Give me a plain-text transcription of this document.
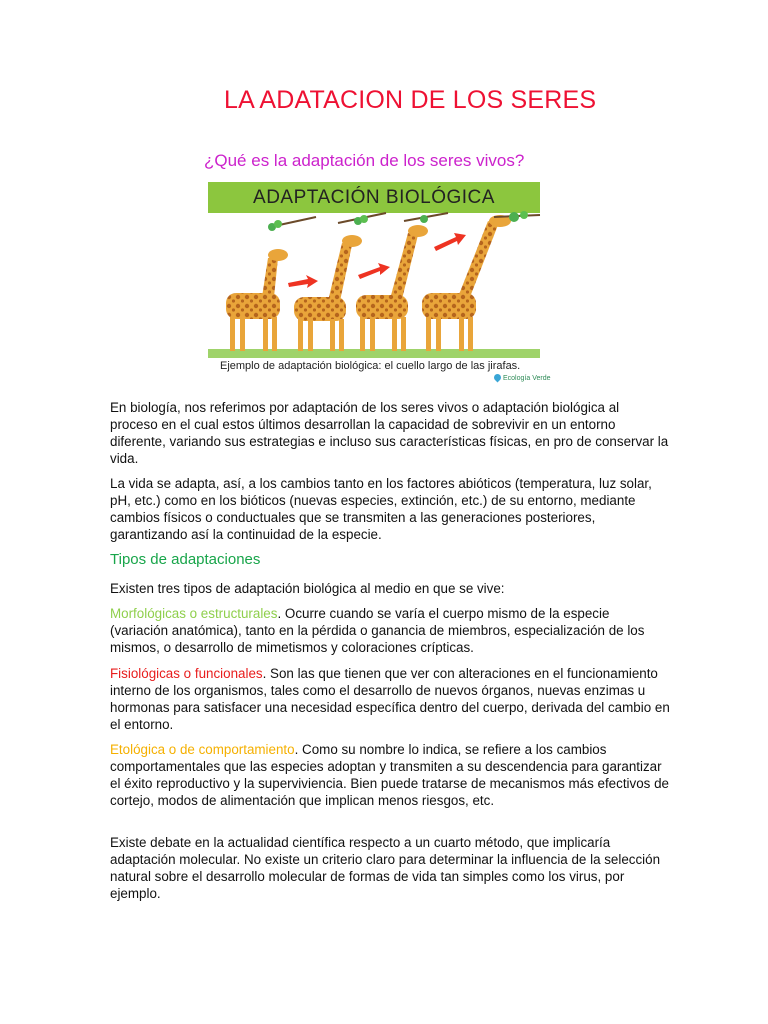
LA ADATACION DE LOS SERES
¿Qué es la adaptación de los seres vivos?
ADAPTACIÓN BIOLÓGICA
Ejemplo de adaptación biológica: el cuello largo de las jirafas.
Ecología Verde
En biología, nos referimos por adaptación de los seres vivos o adaptación biológica al proceso en el cual estos últimos desarrollan la capacidad de sobrevivir en un entorno diferente, variando sus estrategias e incluso sus características físicas, en pro de conservar la vida.
La vida se adapta, así, a los cambios tanto en los factores abióticos (temperatura, luz solar, pH, etc.) como en los bióticos (nuevas especies, extinción, etc.) de su entorno, mediante cambios físicos o conductuales que se transmiten a las generaciones posteriores, garantizando así la continuidad de la especie.
Tipos de adaptaciones
Existen tres tipos de adaptación biológica al medio en que se vive:
Morfológicas o estructurales. Ocurre cuando se varía el cuerpo mismo de la especie (variación anatómica), tanto en la pérdida o ganancia de miembros, especialización de los mismos, o desarrollo de mimetismos y coloraciones crípticas.
Fisiológicas o funcionales. Son las que tienen que ver con alteraciones en el funcionamiento interno de los organismos, tales como el desarrollo de nuevos órganos, nuevas enzimas u hormonas para satisfacer una necesidad específica dentro del cuerpo, derivada del cambio en el entorno.
Etológica o de comportamiento. Como su nombre lo indica, se refiere a los cambios comportamentales que las especies adoptan y transmiten a su descendencia para garantizar el éxito reproductivo y la superviviencia. Bien puede tratarse de mecanismos más efectivos de cortejo, modos de alimentación que implican menos riesgos, etc.
Existe debate en la actualidad científica respecto a un cuarto método, que implicaría adaptación molecular. No existe un criterio claro para determinar la influencia de la selección natural sobre el desarrollo molecular de formas de vida tan simples como los virus, por ejemplo.
